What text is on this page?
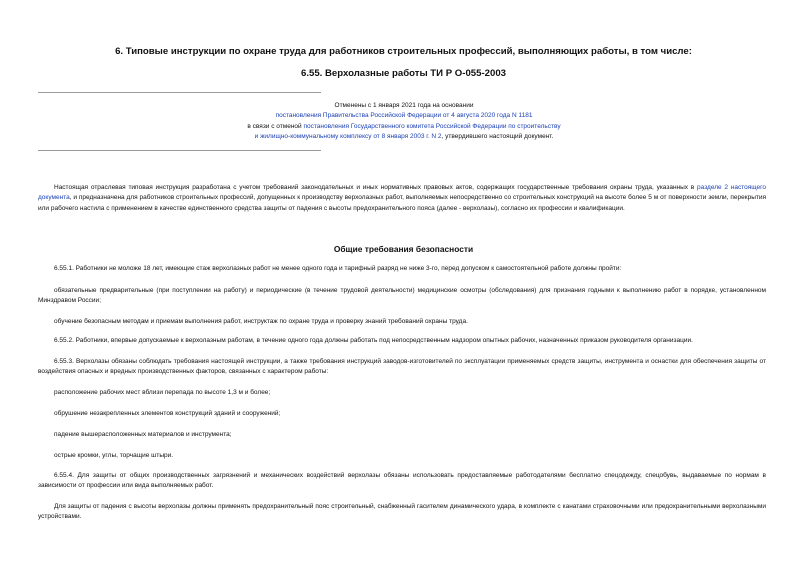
6. Типовые инструкции по охране труда для работников строительных профессий, выполняющих работы, в том числе:
6.55. Верхолазные работы ТИ Р О-055-2003
Отменены с 1 января 2021 года на основании
постановления Правительства Российской Федерации от 4 августа 2020 года N 1181
в связи с отменой постановления Государственного комитета Российской Федерации по строительству
и жилищно-коммунальному комплексу от 8 января 2003 г. N 2, утвердившего настоящий документ.

Настоящая отраслевая типовая инструкция разработана с учетом требований законодательных и иных нормативных правовых актов, содержащих государственные требования охраны труда, указанных в разделе 2 настоящего документа, и предназначена для работников строительных профессий, допущенных к производству верхолазных работ, выполняемых непосредственно со строительных конструкций на высоте более 5 м от поверхности земли, перекрытия или рабочего настила с применением в качестве единственного средства защиты от падения с высоты предохранительного пояса (далее - верхолазы), согласно их профессии и квалификации.

Общие требования безопасности

6.55.1. Работники не моложе 18 лет, имеющие стаж верхолазных работ не менее одного года и тарифный разряд не ниже 3-го, перед допуском к самостоятельной работе должны пройти:

обязательные предварительные (при поступлении на работу) и периодические (в течение трудовой деятельности) медицинские осмотры (обследования) для признания годными к выполнению работ в порядке, установленном Минздравом России;

обучение безопасным методам и приемам выполнения работ, инструктаж по охране труда и проверку знаний требований охраны труда.

6.55.2. Работники, впервые допускаемые к верхолазным работам, в течение одного года должны работать под непосредственным надзором опытных рабочих, назначенных приказом руководителя организации.

6.55.3. Верхолазы обязаны соблюдать требования настоящей инструкции, а также требования инструкций заводов-изготовителей по эксплуатации применяемых средств защиты, инструмента и оснастки для обеспечения защиты от воздействия опасных и вредных производственных факторов, связанных с характером работы:

расположение рабочих мест вблизи перепада по высоте 1,3 м и более;

обрушение незакрепленных элементов конструкций зданий и сооружений;

падение вышерасположенных материалов и инструмента;

острые кромки, углы, торчащие штыри.

6.55.4. Для защиты от общих производственных загрязнений и механических воздействий верхолазы обязаны использовать предоставляемые работодателями бесплатно спецодежду, спецобувь, выдаваемые по нормам в зависимости от профессии или вида выполняемых работ.

Для защиты от падения с высоты верхолазы должны применять предохранительный пояс строительный, снабженный гасителем динамического удара, в комплекте с канатами страховочными или предохранительными верхолазными устройствами.
